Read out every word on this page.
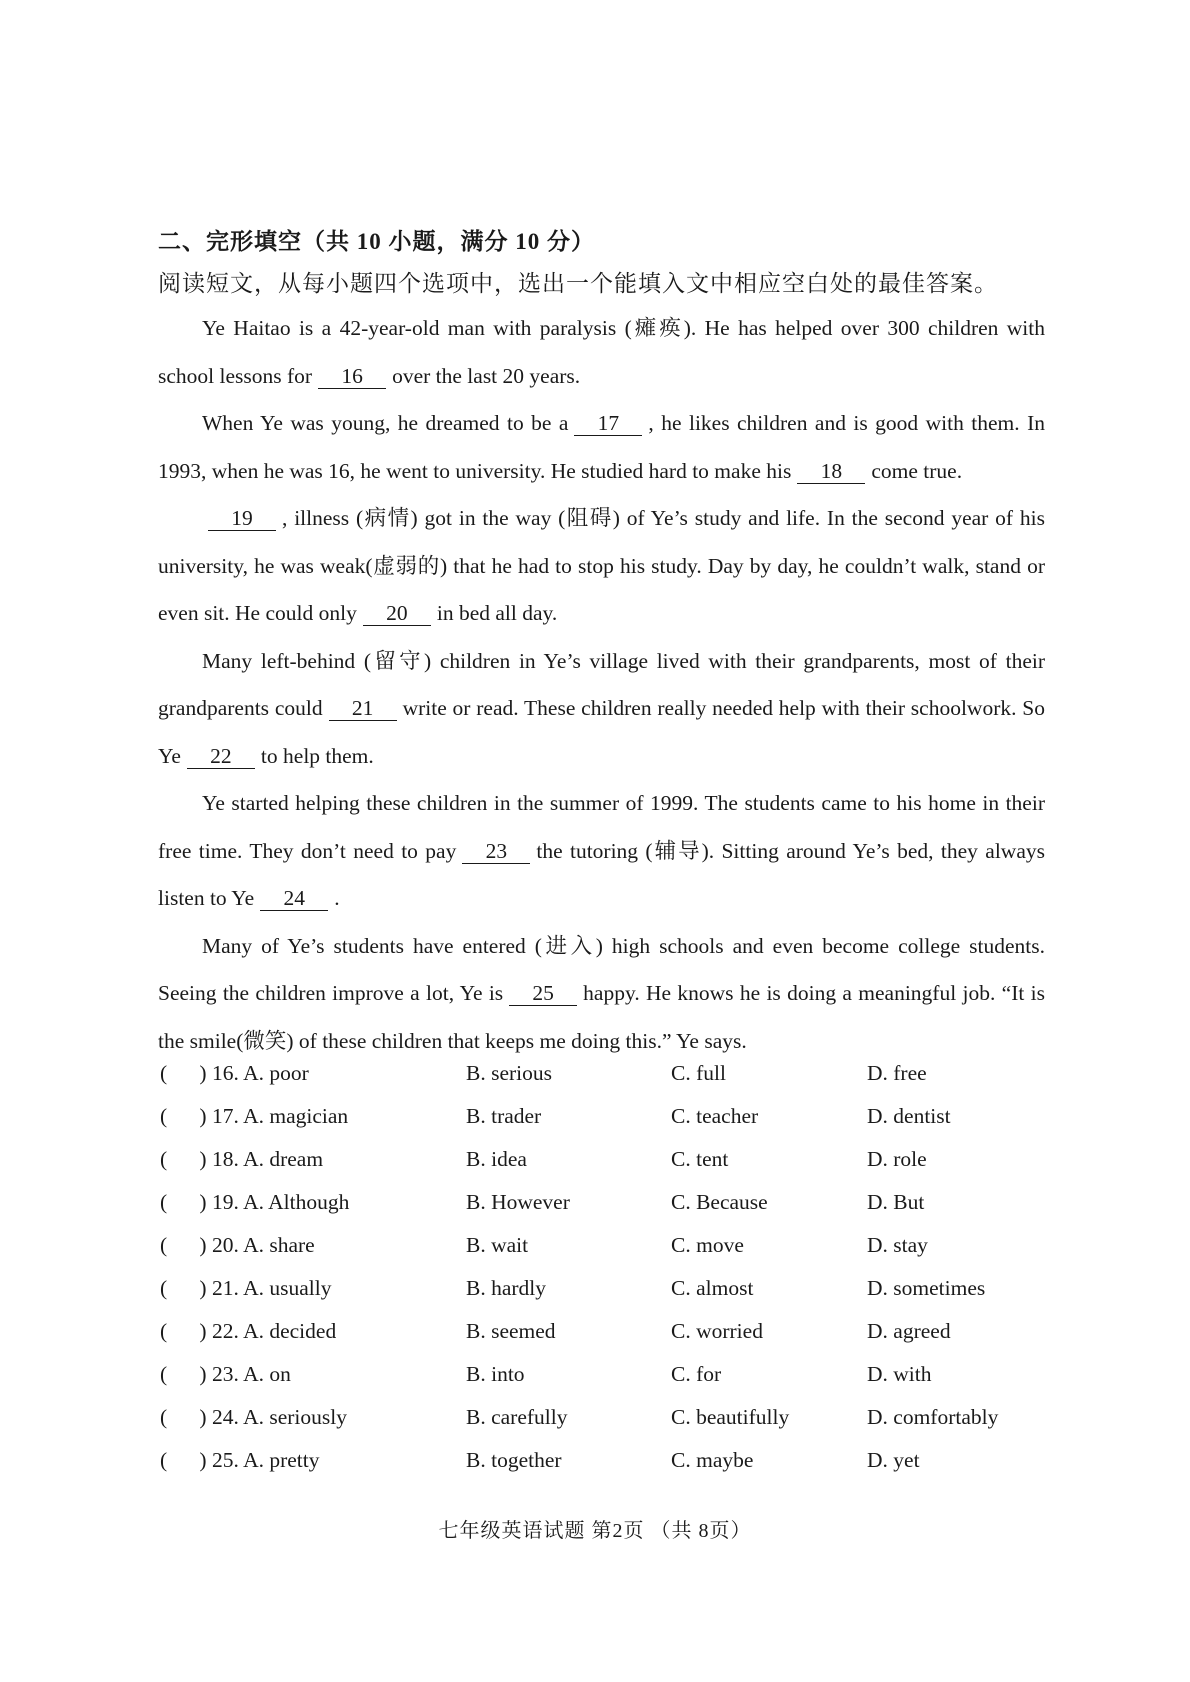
二、完形填空（共 10 小题，满分 10 分）
阅读短文，从每小题四个选项中，选出一个能填入文中相应空白处的最佳答案。

Ye Haitao is a 42-year-old man with paralysis (瘫痪). He has helped over 300 children with school lessons for 16 over the last 20 years.

When Ye was young, he dreamed to be a 17 , he likes children and is good with them. In 1993, when he was 16, he went to university. He studied hard to make his 18 come true.

19 , illness (病情) got in the way (阻碍) of Ye’s study and life. In the second year of his university, he was weak(虚弱的) that he had to stop his study. Day by day, he couldn’t walk, stand or even sit. He could only 20 in bed all day.

Many left-behind (留守) children in Ye’s village lived with their grandparents, most of their grandparents could 21 write or read. These children really needed help with their schoolwork. So Ye 22 to help them.

Ye started helping these children in the summer of 1999. The students came to his home in their free time. They don’t need to pay 23 the tutoring (辅导). Sitting around Ye’s bed, they always listen to Ye 24 .

Many of Ye’s students have entered (进入) high schools and even become college students. Seeing the children improve a lot, Ye is 25 happy. He knows he is doing a meaningful job. “It is the smile(微笑) of these children that keeps me doing this.” Ye says.

(      ) 16. A. poor	B. serious	C. full	D. free
(      ) 17. A. magician	B. trader	C. teacher	D. dentist
(      ) 18. A. dream	B. idea	C. tent	D. role
(      ) 19. A. Although	B. However	C. Because	D. But
(      ) 20. A. share	B. wait	C. move	D. stay
(      ) 21. A. usually	B. hardly	C. almost	D. sometimes
(      ) 22. A. decided	B. seemed	C. worried	D. agreed
(      ) 23. A. on	B. into	C. for	D. with
(      ) 24. A. seriously	B. carefully	C. beautifully	D. comfortably
(      ) 25. A. pretty	B. together	C. maybe	D. yet
七年级英语试题 第2页 （共 8页）
